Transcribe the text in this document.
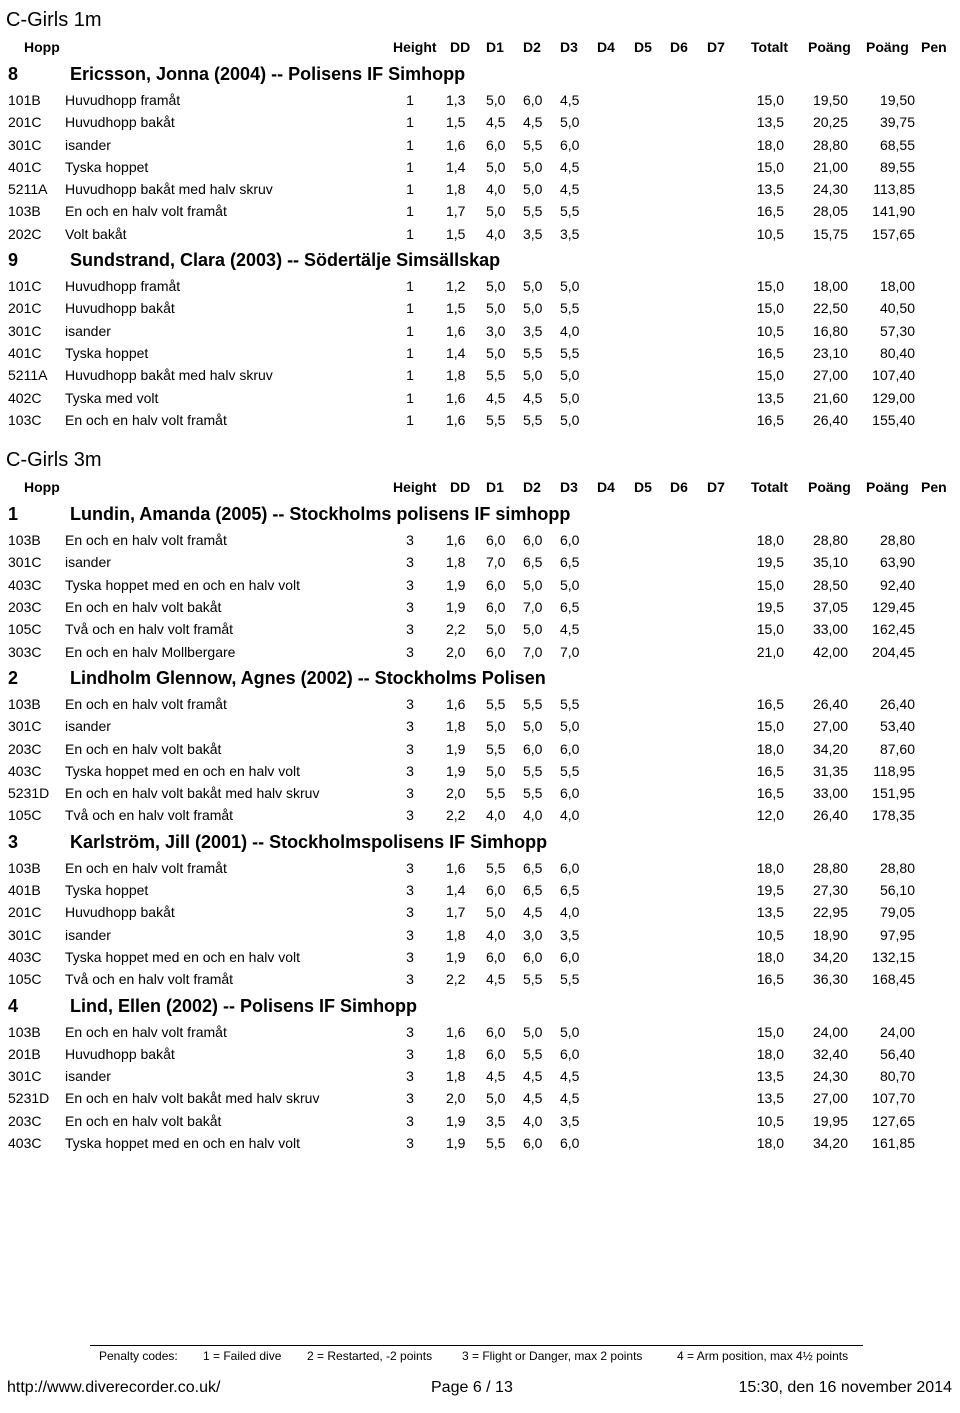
C-Girls 1m
Hopp	Height DD D1 D2 D3 D4 D5 D6 D7 Totalt Poäng Poäng Pen
8	Ericsson, Jonna (2004) -- Polisens IF Simhopp
101B Huvudhopp framåt	1	1,3 5,0 6,0 4,5	15,0 19,50 19,50
201C Huvudhopp bakåt	1	1,5 4,5 4,5 5,0	13,5 20,25 39,75
301C isander	1	1,6 6,0 5,5 6,0	18,0 28,80 68,55
401C Tyska hoppet	1	1,4 5,0 5,0 4,5	15,0 21,00 89,55
5211A Huvudhopp bakåt med halv skruv	1	1,8 4,0 5,0 4,5	13,5 24,30 113,85
103B En och en halv volt framåt	1	1,7 5,0 5,5 5,5	16,5 28,05 141,90
202C Volt bakåt	1	1,5 4,0 3,5 3,5	10,5 15,75 157,65
9	Sundstrand, Clara (2003) -- Södertälje Simsällskap
101C Huvudhopp framåt	1	1,2 5,0 5,0 5,0	15,0 18,00 18,00
201C Huvudhopp bakåt	1	1,5 5,0 5,0 5,5	15,0 22,50 40,50
301C isander	1	1,6 3,0 3,5 4,0	10,5 16,80 57,30
401C Tyska hoppet	1	1,4 5,0 5,5 5,5	16,5 23,10 80,40
5211A Huvudhopp bakåt med halv skruv	1	1,8 5,5 5,0 5,0	15,0 27,00 107,40
402C Tyska med volt	1	1,6 4,5 4,5 5,0	13,5 21,60 129,00
103C En och en halv volt framåt	1	1,6 5,5 5,5 5,0	16,5 26,40 155,40
C-Girls 3m
Hopp	Height DD D1 D2 D3 D4 D5 D6 D7 Totalt Poäng Poäng Pen
1	Lundin, Amanda (2005) -- Stockholms polisens IF simhopp
103B En och en halv volt framåt	3	1,6 6,0 6,0 6,0	18,0 28,80 28,80
301C isander	3	1,8 7,0 6,5 6,5	19,5 35,10 63,90
403C Tyska hoppet med en och en halv volt	3	1,9 6,0 5,0 5,0	15,0 28,50 92,40
203C En och en halv volt bakåt	3	1,9 6,0 7,0 6,5	19,5 37,05 129,45
105C Två och en halv volt framåt	3	2,2 5,0 5,0 4,5	15,0 33,00 162,45
303C En och en halv Mollbergare	3	2,0 6,0 7,0 7,0	21,0 42,00 204,45
2	Lindholm Glennow, Agnes (2002) -- Stockholms Polisen
103B En och en halv volt framåt	3	1,6 5,5 5,5 5,5	16,5 26,40 26,40
301C isander	3	1,8 5,0 5,0 5,0	15,0 27,00 53,40
203C En och en halv volt bakåt	3	1,9 5,5 6,0 6,0	18,0 34,20 87,60
403C Tyska hoppet med en och en halv volt	3	1,9 5,0 5,5 5,5	16,5 31,35 118,95
5231D En och en halv volt bakåt med halv skruv	3	2,0 5,5 5,5 6,0	16,5 33,00 151,95
105C Två och en halv volt framåt	3	2,2 4,0 4,0 4,0	12,0 26,40 178,35
3	Karlström, Jill (2001) -- Stockholmspolisens IF Simhopp
103B En och en halv volt framåt	3	1,6 5,5 6,5 6,0	18,0 28,80 28,80
401B Tyska hoppet	3	1,4 6,0 6,5 6,5	19,5 27,30 56,10
201C Huvudhopp bakåt	3	1,7 5,0 4,5 4,0	13,5 22,95 79,05
301C isander	3	1,8 4,0 3,0 3,5	10,5 18,90 97,95
403C Tyska hoppet med en och en halv volt	3	1,9 6,0 6,0 6,0	18,0 34,20 132,15
105C Två och en halv volt framåt	3	2,2 4,5 5,5 5,5	16,5 36,30 168,45
4	Lind, Ellen (2002) -- Polisens IF Simhopp
103B En och en halv volt framåt	3	1,6 6,0 5,0 5,0	15,0 24,00 24,00
201B Huvudhopp bakåt	3	1,8 6,0 5,5 6,0	18,0 32,40 56,40
301C isander	3	1,8 4,5 4,5 4,5	13,5 24,30 80,70
5231D En och en halv volt bakåt med halv skruv	3	2,0 5,0 4,5 4,5	13,5 27,00 107,70
203C En och en halv volt bakåt	3	1,9 3,5 4,0 3,5	10,5 19,95 127,65
403C Tyska hoppet med en och en halv volt	3	1,9 5,5 6,0 6,0	18,0 34,20 161,85
Penalty codes: 1 = Failed dive 2 = Restarted, -2 points 3 = Flight or Danger, max 2 points	4 = Arm position, max 4½ points
http://www.diverecorder.co.uk/	Page 6 / 13	15:30, den 16 november 2014
